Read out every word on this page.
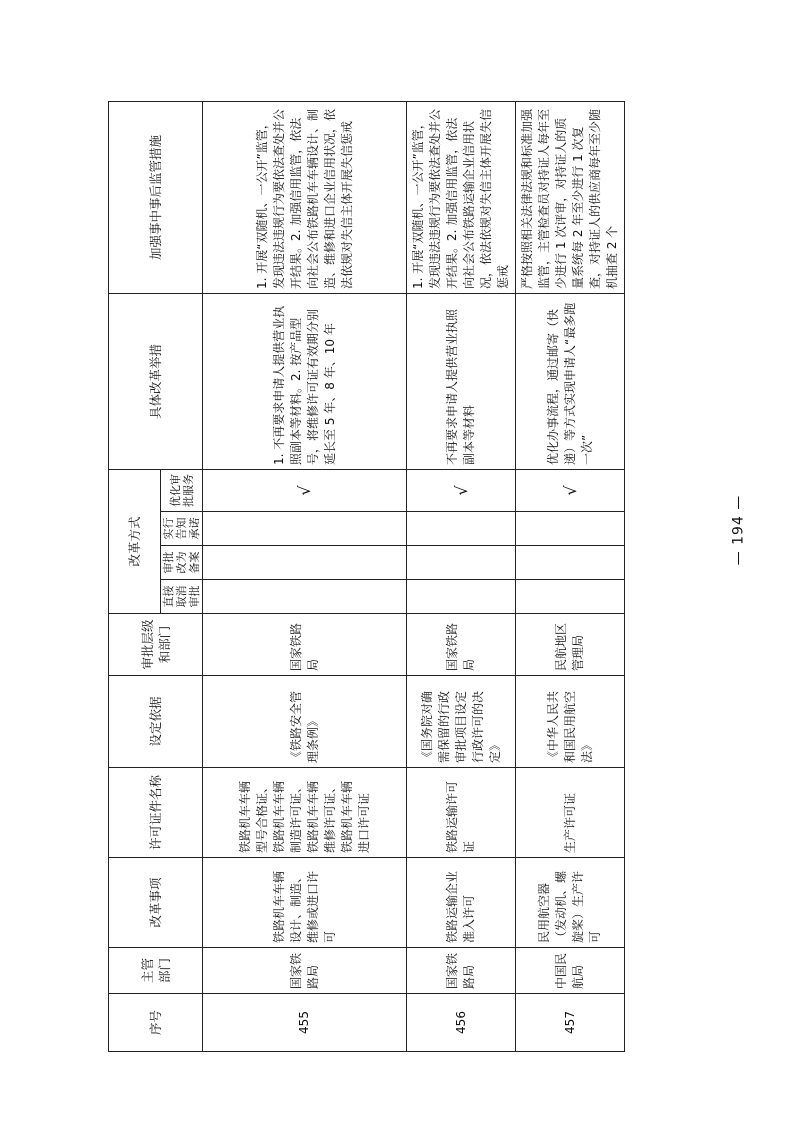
序号	主管部门	改革事项	许可证件名称	设定依据	审批层级和部门	改革方式				具体改革举措	加强事中事后监管措施
						直接取消审批	审批改为备案	实行告知承诺	优化审批服务		
455	国家铁路局	铁路机车车辆设计、制造、维修或进口许可	铁路机车车辆型号合格证、铁路机车车辆制造许可证、铁路机车车辆维修许可证、铁路机车车辆进口许可证	《铁路安全管理条例》	国家铁路局				√	1. 不再要求申请人提供营业执照副本等材料。2. 按产品型号，将维修许可证有效期分别延长至 5 年、8 年、10 年	1. 开展“双随机、一公开”监管，发现违法违规行为要依法查处并公开结果。2. 加强信用监管，依法向社会公布铁路机车车辆设计、制造、维修和进口企业信用状况，依法依规对失信主体开展失信惩戒
456	国家铁路局	铁路运输企业准入许可	铁路运输许可证	《国务院对确需保留的行政审批项目设定行政许可的决定》	国家铁路局				√	不再要求申请人提供营业执照副本等材料	1. 开展“双随机、一公开”监管，发现违法违规行为要依法查处并公开结果。2. 加强信用监管，依法向社会公布铁路运输企业信用状况，依法依规对失信主体开展失信惩戒
457	中国民航局	民用航空器（发动机、螺旋桨）生产许可	生产许可证	《中华人民共和国民用航空法》	民航地区管理局				√	优化办事流程，通过邮寄（快递）等方式实现申请人“最多跑一次”	严格按照相关法律法规和标准加强监管，主管检查员对持证人每年至少进行 1 次评审，对持证人的质量系统每 2 年至少进行 1 次复查，对持证人的供应商每年至少随机抽查 2 个
— 194 —
